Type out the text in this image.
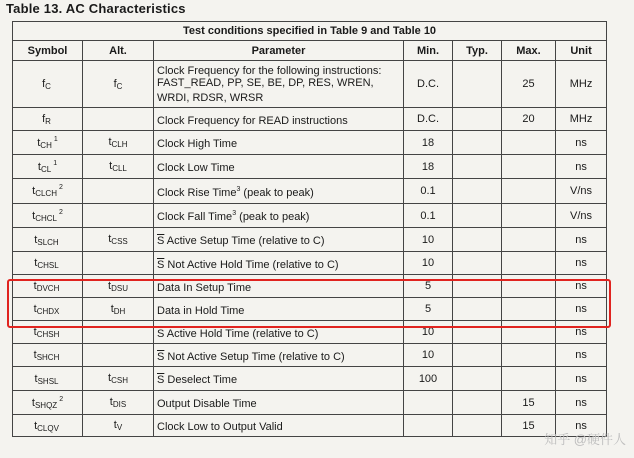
Table 13. AC Characteristics
Test conditions specified in Table 9 and Table 10						
Symbol	Alt.	Parameter	Min.	Typ.	Max.	Unit
$f_C$	$f_C$	Clock Frequency for the following instructions: FAST_READ, PP, SE, BE, DP, RES, WREN, WRDI, RDSR, WRSR	D.C.		25	MHz
$f_R$		Clock Frequency for READ instructions	D.C.		20	MHz
$t_{CH}^1$	$t_{CLH}$	Clock High Time	18			ns
$t_{CL}^1$	$t_{CLL}$	Clock Low Time	18			ns
$t_{CLCH}^2$		Clock Rise Time$^3$ (peak to peak)	0.1			V/ns
$t_{CHCL}^2$		Clock Fall Time$^3$ (peak to peak)	0.1			V/ns
$t_{SLCH}$	$t_{CSS}$	$\overline{S}$ Active Setup Time (relative to C)	10			ns
$t_{CHSL}$		$\overline{S}$ Not Active Hold Time (relative to C)	10			ns
$t_{DVCH}$	$t_{DSU}$	Data In Setup Time	5			ns
$t_{CHDX}$	$t_{DH}$	Data in Hold Time	5			ns
$t_{CHSH}$		$\overline{S}$ Active Hold Time (relative to C)	10			ns
$t_{SHCH}$		$\overline{S}$ Not Active Setup Time (relative to C)	10			ns
$t_{SHSL}$	$t_{CSH}$	$\overline{S}$ Deselect Time	100			ns
$t_{SHQZ}^2$	$t_{DIS}$	Output Disable Time			15	ns
$t_{CLQV}$	$t_V$	Clock Low to Output Valid			15	ns
知乎 @硬件人
